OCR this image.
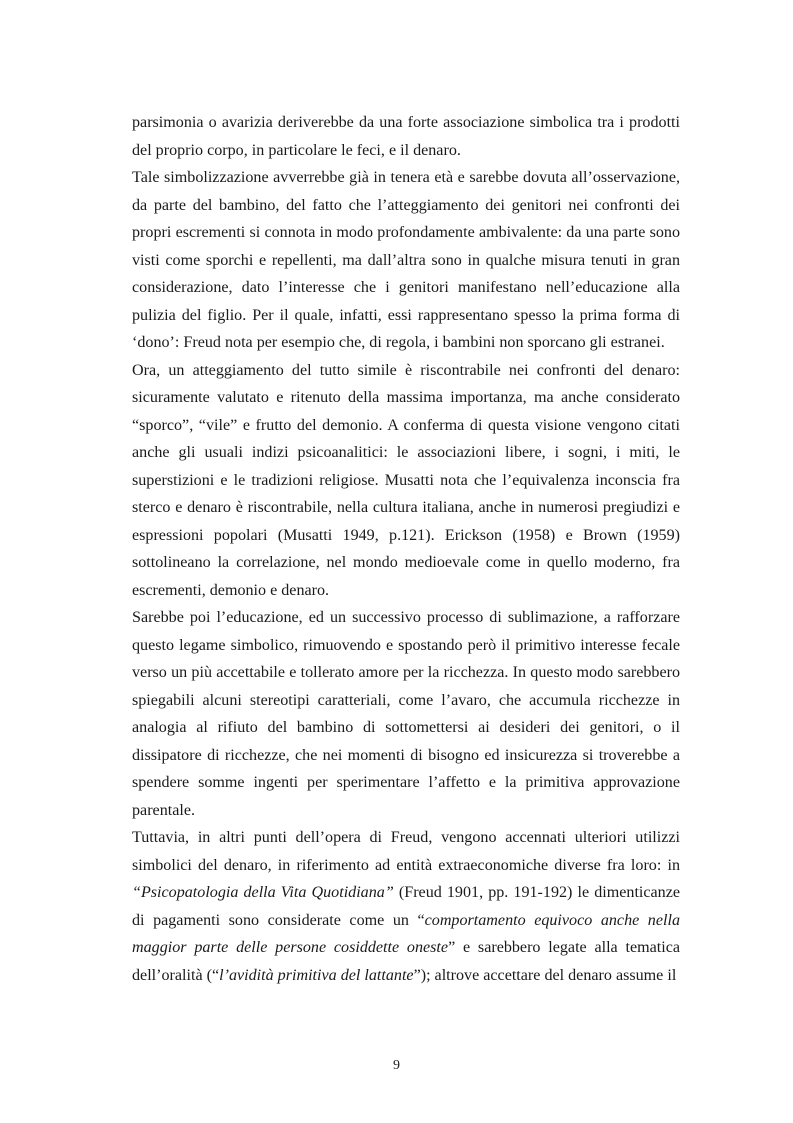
parsimonia o avarizia deriverebbe da una forte associazione simbolica tra i prodotti del proprio corpo, in particolare le feci, e il denaro.

Tale simbolizzazione avverrebbe già in tenera età e sarebbe dovuta all’osservazione, da parte del bambino, del fatto che l’atteggiamento dei genitori nei confronti dei propri escrementi si connota in modo profondamente ambivalente: da una parte sono visti come sporchi e repellenti, ma dall’altra sono in qualche misura tenuti in gran considerazione, dato l’interesse che i genitori manifestano nell’educazione alla pulizia del figlio. Per il quale, infatti, essi rappresentano spesso la prima forma di ‘dono’: Freud nota per esempio che, di regola, i bambini non sporcano gli estranei.

Ora, un atteggiamento del tutto simile è riscontrabile nei confronti del denaro: sicuramente valutato e ritenuto della massima importanza, ma anche considerato “sporco”, “vile” e frutto del demonio. A conferma di questa visione vengono citati anche gli usuali indizi psicoanalitici: le associazioni libere, i sogni, i miti, le superstizioni e le tradizioni religiose. Musatti nota che l’equivalenza inconscia fra sterco e denaro è riscontrabile, nella cultura italiana, anche in numerosi pregiudizi e espressioni popolari (Musatti 1949, p.121). Erickson (1958) e Brown (1959) sottolineano la correlazione, nel mondo medioevale come in quello moderno, fra escrementi, demonio e denaro.

Sarebbe poi l’educazione, ed un successivo processo di sublimazione, a rafforzare questo legame simbolico, rimuovendo e spostando però il primitivo interesse fecale verso un più accettabile e tollerato amore per la ricchezza. In questo modo sarebbero spiegabili alcuni stereotipi caratteriali, come l’avaro, che accumula ricchezze in analogia al rifiuto del bambino di sottomettersi ai desideri dei genitori, o il dissipatore di ricchezze, che nei momenti di bisogno ed insicurezza si troverebbe a spendere somme ingenti per sperimentare l’affetto e la primitiva approvazione parentale.

Tuttavia, in altri punti dell’opera di Freud, vengono accennati ulteriori utilizzi simbolici del denaro, in riferimento ad entità extraeconomiche diverse fra loro: in “Psicopatologia della Vita Quotidiana” (Freud 1901, pp. 191-192) le dimenticanze di pagamenti sono considerate come un “comportamento equivoco anche nella maggior parte delle persone cosiddette oneste” e sarebbero legate alla tematica dell’oralità (“l’avidità primitiva del lattante”); altrove accettare del denaro assume il

9
